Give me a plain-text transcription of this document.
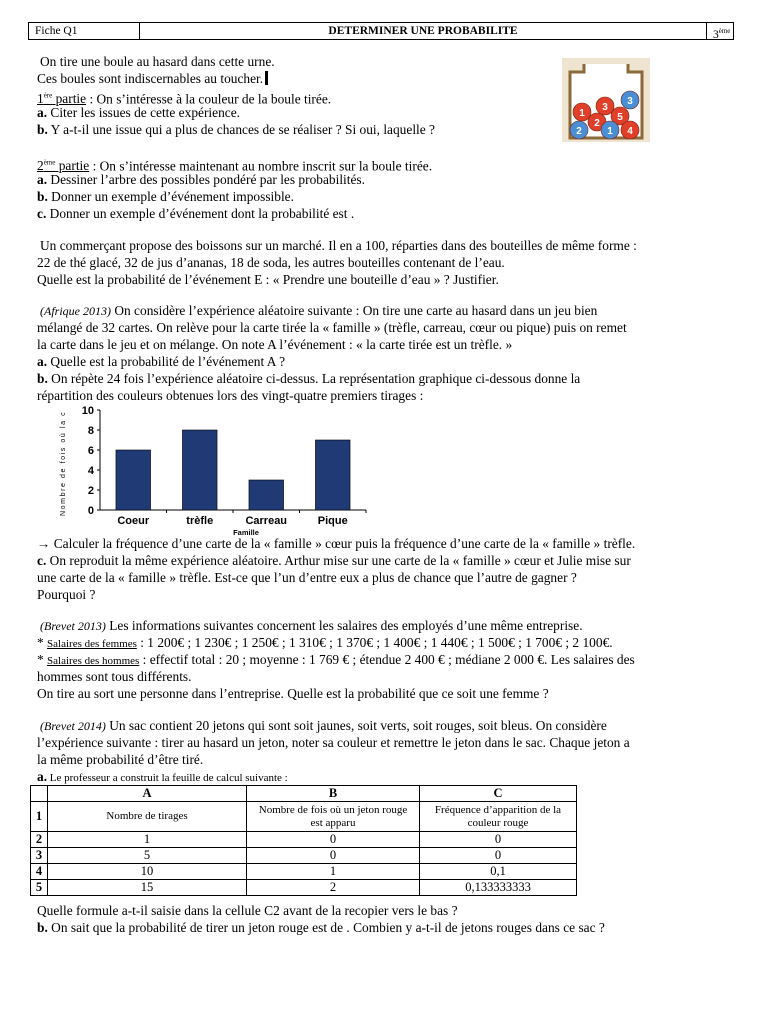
Fiche Q1	DETERMINER UNE PROBABILITE	3ème
On tire une boule au hasard dans cette urne.
Ces boules sont indiscernables au toucher.
1ère partie : On s’intéresse à la couleur de la boule tirée.
a. Citer les issues de cette expérience.
b. Y a-t-il une issue qui a plus de chances de se réaliser ? Si oui, laquelle ?
2ème partie : On s’intéresse maintenant au nombre inscrit sur la boule tirée.
a. Dessiner l’arbre des possibles pondéré par les probabilités.
b. Donner un exemple d’événement impossible.
c. Donner un exemple d’événement dont la probabilité est .
1
3
2
5
3
2	1 4
Un commerçant propose des boissons sur un marché. Il en a 100, réparties dans des bouteilles de même forme :
22 de thé glacé, 32 de jus d’ananas, 18 de soda, les autres bouteilles contenant de l’eau.
Quelle est la probabilité de l’événement E : « Prendre une bouteille d’eau » ? Justifier.
(Afrique 2013) On considère l’expérience aléatoire suivante : On tire une carte au hasard dans un jeu bien
mélangé de 32 cartes. On relève pour la carte tirée la « famille » (trèfle, carreau, cœur ou pique) puis on remet
la carte dans le jeu et on mélange. On note A l’événement : « la carte tirée est un trèfle. »
a. Quelle est la probabilité de l’événement A ?
b. On répète 24 fois l’expérience aléatoire ci-dessus. La représentation graphique ci-dessous donne la
répartition des couleurs obtenues lors des vingt-quatre premiers tirages :
Nombre de fois où la c
Famille
0
2
4
6
8
10
Coeur	trèfle	Carreau	Pique
→ Calculer la fréquence d’une carte de la « famille » cœur puis la fréquence d’une carte de la « famille » trèfle.
c. On reproduit la même expérience aléatoire. Arthur mise sur une carte de la « famille » cœur et Julie mise sur
une carte de la « famille » trèfle. Est-ce que l’un d’entre eux a plus de chance que l’autre de gagner ?
Pourquoi ?
(Brevet 2013) Les informations suivantes concernent les salaires des employés d’une même entreprise.
* Salaires des femmes : 1 200€ ; 1 230€ ; 1 250€ ; 1 310€ ; 1 370€ ; 1 400€ ; 1 440€ ; 1 500€ ; 1 700€ ; 2 100€.
* Salaires des hommes : effectif total : 20 ; moyenne : 1 769 € ; étendue 2 400 € ; médiane 2 000 €. Les salaires des
hommes sont tous différents.
On tire au sort une personne dans l’entreprise. Quelle est la probabilité que ce soit une femme ?
(Brevet 2014) Un sac contient 20 jetons qui sont soit jaunes, soit verts, soit rouges, soit bleus. On considère
l’expérience suivante : tirer au hasard un jeton, noter sa couleur et remettre le jeton dans le sac. Chaque jeton a
la même probabilité d’être tiré.
a. Le professeur a construit la feuille de calcul suivante :
	A	B	C
1	Nombre de tirages	Nombre de fois où un jeton rouge est apparu	Fréquence d’apparition de la couleur rouge
2	1	0	0
3	5	0	0
4	10	1	0,1
5	15	2	0,133333333
Quelle formule a-t-il saisie dans la cellule C2 avant de la recopier vers le bas ?
b. On sait que la probabilité de tirer un jeton rouge est de . Combien y a-t-il de jetons rouges dans ce sac ?
